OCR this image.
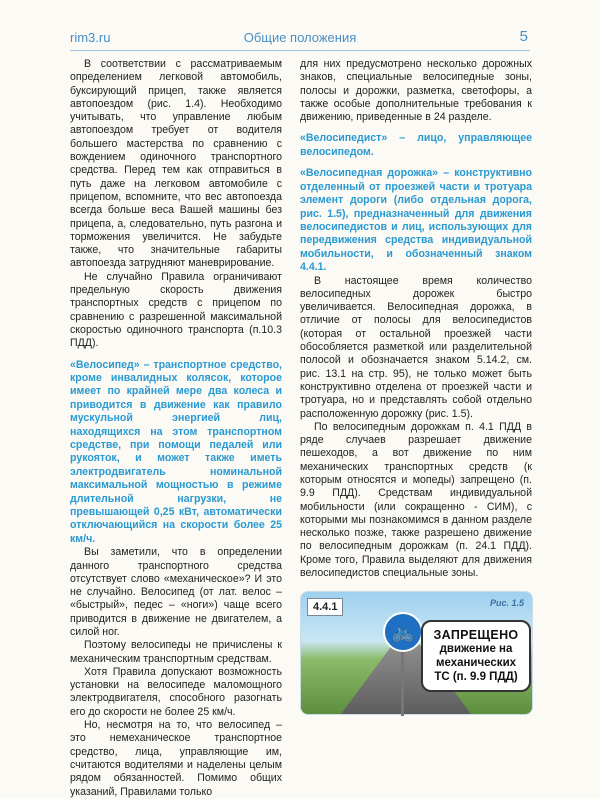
rim3.ru	Общие положения	5

В соответствии с рассматриваемым определением легковой автомобиль, буксирующий прицеп, также является автопоездом (рис. 1.4). Необходимо учитывать, что управление любым автопоездом требует от водителя большего мастерства по сравнению с вождением одиночного транспортного средства. Перед тем как отправиться в путь даже на легковом автомобиле с прицепом, вспомните, что вес автопоезда всегда больше веса Вашей машины без прицепа, а, следовательно, путь разгона и торможения увеличится. Не забудьте также, что значительные габариты автопоезда затрудняют маневрирование.

Не случайно Правила ограничивают предельную скорость движения транспортных средств с прицепом по сравнению с разрешенной максимальной скоростью одиночного транспорта (п.10.3 ПДД).

«Велосипед» – транспортное средство, кроме инвалидных колясок, которое имеет по крайней мере два колеса и приводится в движение как правило мускульной энергией лиц, находящихся на этом транспортном средстве, при помощи педалей или рукояток, и может также иметь электродвигатель номинальной максимальной мощностью в режиме длительной нагрузки, не превышающей 0,25 кВт, автоматически отключающийся на скорости более 25 км/ч.

Вы заметили, что в определении данного транспортного средства отсутствует слово «механическое»? И это не случайно. Велосипед (от лат. велос – «быстрый», педес – «ноги») чаще всего приводится в движение не двигателем, а силой ног.

Поэтому велосипеды не причислены к механическим транспортным средствам.

Хотя Правила допускают возможность установки на велосипеде маломощного электродвигателя, способного разогнать его до скорости не более 25 км/ч.

Но, несмотря на то, что велосипед – это немеханическое транспортное средство, лица, управляющие им, считаются водителями и наделены целым рядом обязанностей. Помимо общих указаний, Правилами только

для них предусмотрено несколько дорожных знаков, специальные велосипедные зоны, полосы и дорожки, разметка, светофоры, а также особые дополнительные требования к движению, приведенные в 24 разделе.

«Велосипедист» – лицо, управляющее велосипедом.

«Велосипедная дорожка» – конструктивно отделенный от проезжей части и тротуара элемент дороги (либо отдельная дорога, рис. 1.5), предназначенный для движения велосипедистов и лиц, использующих для передвижения средства индивидуальной мобильности, и обозначенный знаком 4.4.1.

В настоящее время количество велосипедных дорожек быстро увеличивается. Велосипедная дорожка, в отличие от полосы для велосипедистов (которая от остальной проезжей части обособляется разметкой или разделительной полосой и обозначается знаком 5.14.2, см. рис. 13.1 на стр. 95), не только может быть конструктивно отделена от проезжей части и тротуара, но и представлять собой отдельно расположенную дорожку (рис. 1.5).

По велосипедным дорожкам п. 4.1 ПДД в ряде случаев разрешает движение пешеходов, а вот движение по ним механических транспортных средств (к которым относятся и мопеды) запрещено (п. 9.9 ПДД). Средствам индивидуальной мобильности (или сокращенно - СИМ), с которыми мы познакомимся в данном разделе несколько позже, также разрешено движение по велосипедным дорожкам (п. 24.1 ПДД). Кроме того, Правила выделяют для движения велосипедистов специальные зоны.

🚲
4.4.1	Рис. 1.5
ЗАПРЕЩЕНО
движение на механических
ТС (п. 9.9 ПДД)
